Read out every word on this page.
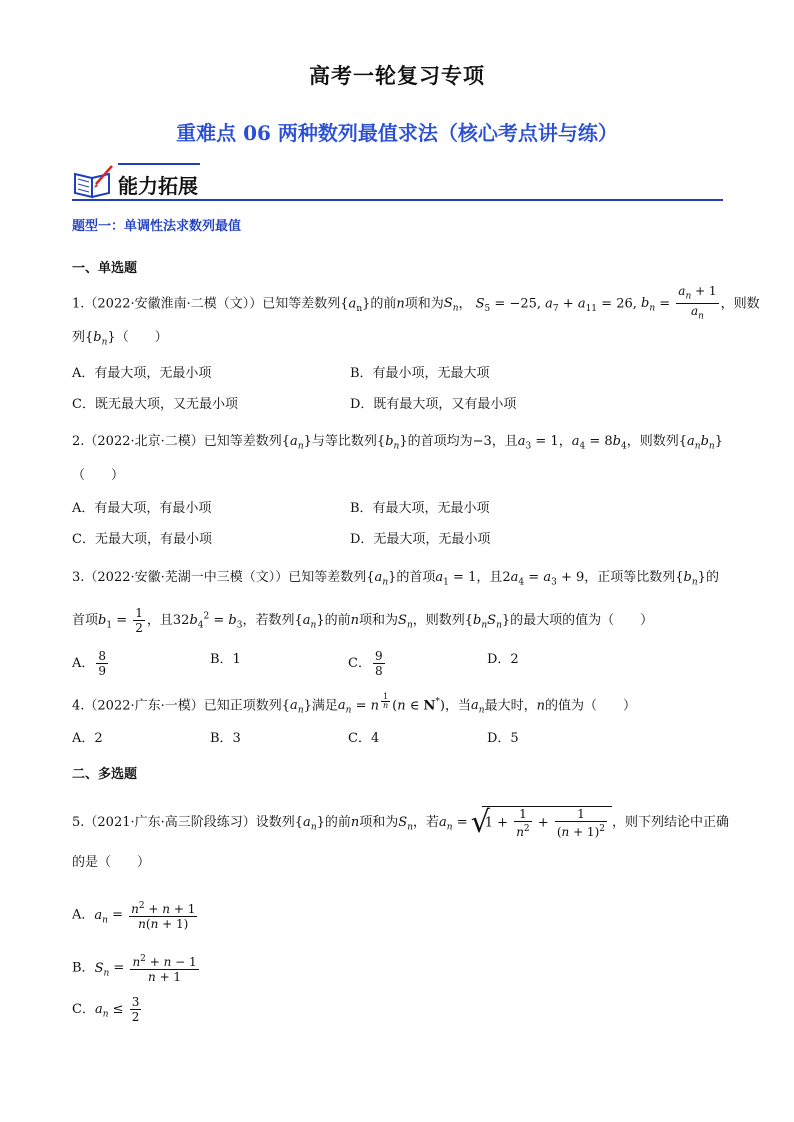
高考一轮复习专项
重难点 06 两种数列最值求法（核心考点讲与练）
能力拓展
题型一：单调性法求数列最值
一、单选题
1.（2022·安徽淮南·二模（文））已知等差数列$\{a_n\}$的前n项和为$S_n$， $S_5 = -25$, $a_7 + a_{11} = 26$, $b_n = \frac{a_n + 1}{a_n}$ ，则数
列$\{b_n\}$（　　）
A．有最大项，无最小项	B．有最小项，无最大项
C．既无最大项，又无最小项	D．既有最大项，又有最小项
2.（2022·北京·二模）已知等差数列$\{a_n\}$与等比数列$\{b_n\}$的首项均为−3，且$a_3 = 1$，$a_4 = 8b_4$，则数列$\{a_nb_n\}$
（　　）
A．有最大项，有最小项	B．有最大项，无最小项
C．无最大项，有最小项	D．无最大项，无最小项
3.（2022·安徽·芜湖一中三模（文））已知等差数列$\{a_n\}$的首项$a_1 = 1$，且$2a_4 = a_3 + 9$，正项等比数列$\{b_n\}$的
首项$b_1 = \frac{1}{2}$ ，且$32b_4^2 = b_3$，若数列$\{a_n\}$的前n项和为$S_n$，则数列$\{b_nS_n\}$的最大项的值为（　　）
A． $\frac{8}{9}$	B．1	C． $\frac{9}{8}$	D．2
4.（2022·广东·一模）已知正项数列$\{a_n\}$满足$a_n = n$ $^{\frac{1}{n}}$ (n ∈ N*)，当$a_n$最大时，n的值为（　　）
A．2	B．3	C．4	D．5
二、多选题
5.（2021·广东·高三阶段练习）设数列$\{a_n\}$的前n项和为$S_n$，若$a_n$ = √ $1 + \frac{1}{n^2} + \frac{1}{(n + 1)^2}$ ，则下列结论中正确
的是（　　）
A．$a_n = \frac{n^2 + n + 1}{n(n + 1)}$
B．$S_n = \frac{n^2 + n - 1}{n + 1}$
C．$a_n \le \frac{3}{2}$
